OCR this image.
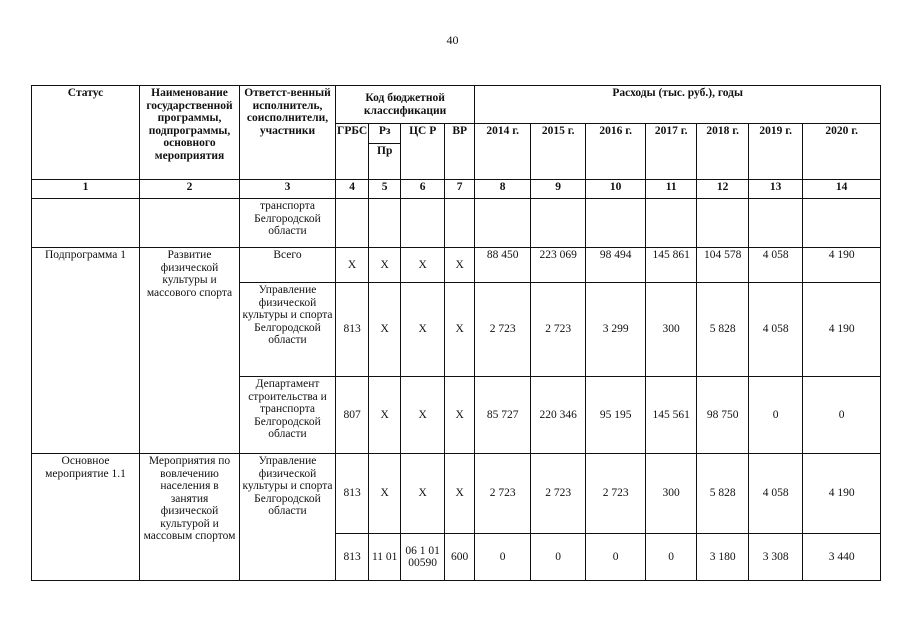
40
Статус	Наименование государственной программы, подпрограммы, основного мероприятия	Ответст-венный исполнитель, соисполнители, участники	Код бюджетной классификации				Расходы (тыс. руб.), годы						
			ГРБС	Рз	ЦС Р	ВР	2014 г.	2015 г.	2016 г.	2017 г.	2018 г.	2019 г.	2020 г.
				Пр									
1	2	3	4	5	6	7	8	9	10	11	12	13	14
		транспорта Белгородской области											
Подпрограмма 1	Развитие физической культуры и массового спорта	Всего	Х	Х	Х	Х	88 450	223 069	98 494	145 861	104 578	4 058	4 190
		Управление физической культуры и спорта Белгородской области	813	Х	Х	Х	2 723	2 723	3 299	300	5 828	4 058	4 190
		Департамент строительства и транспорта Белгородской области	807	Х	Х	Х	85 727	220 346	95 195	145 561	98 750	0	0
Основное мероприятие 1.1	Мероприятия по вовлечению населения в занятия физической культурой и массовым спортом	Управление физической культуры и спорта Белгородской области	813	Х	Х	Х	2 723	2 723	2 723	300	5 828	4 058	4 190
			813	11 01	06 1 01 00590	600	0	0	0	0	3 180	3 308	3 440
